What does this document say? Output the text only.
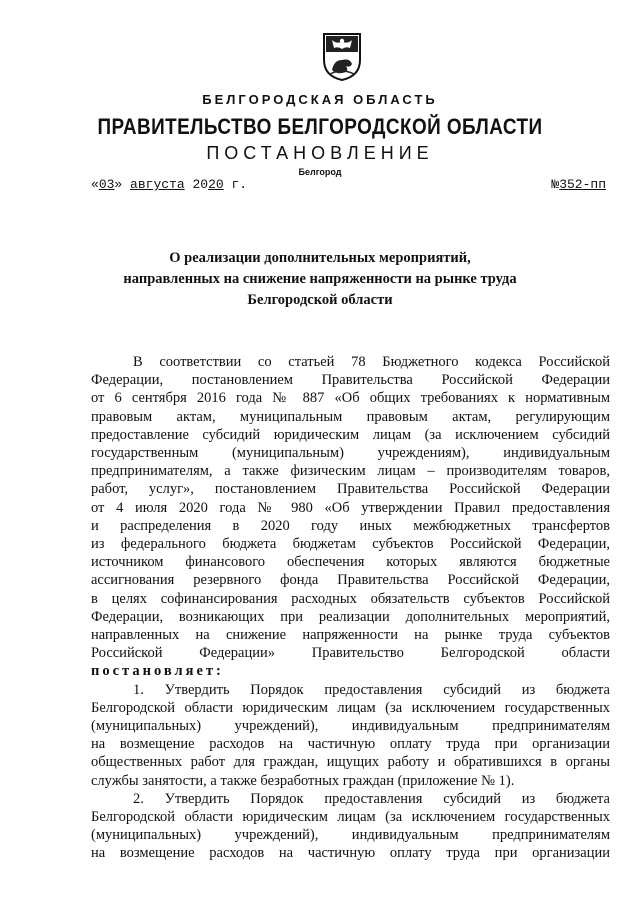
БЕЛГОРОДСКАЯ ОБЛАСТЬ
ПРАВИТЕЛЬСТВО БЕЛГОРОДСКОЙ ОБЛАСТИ
ПОСТАНОВЛЕНИЕ
Белгород
«03» августа 2020 г.	№352-пп
О реализации дополнительных мероприятий,
направленных на снижение напряженности на рынке труда
Белгородской области

В соответствии со статьей 78 Бюджетного кодекса Российской

Федерации, постановлением Правительства Российской Федерации

от 6 сентября 2016 года № 887 «Об общих требованиях к нормативным

правовым актам, муниципальным правовым актам, регулирующим

предоставление субсидий юридическим лицам (за исключением субсидий

государственным (муниципальным) учреждениям), индивидуальным

предпринимателям, а также физическим лицам – производителям товаров,

работ, услуг», постановлением Правительства Российской Федерации

от 4 июля 2020 года № 980 «Об утверждении Правил предоставления

и распределения в 2020 году иных межбюджетных трансфертов

из федерального бюджета бюджетам субъектов Российской Федерации,

источником финансового обеспечения которых являются бюджетные

ассигнования резервного фонда Правительства Российской Федерации,

в целях софинансирования расходных обязательств субъектов Российской

Федерации, возникающих при реализации дополнительных мероприятий,

направленных на снижение напряженности на рынке труда субъектов

Российской Федерации» Правительство Белгородской области

постановляет:

1. Утвердить Порядок предоставления субсидий из бюджета

Белгородской области юридическим лицам (за исключением государственных

(муниципальных) учреждений), индивидуальным предпринимателям

на возмещение расходов на частичную оплату труда при организации

общественных работ для граждан, ищущих работу и обратившихся в органы

службы занятости, а также безработных граждан (приложение № 1).

2. Утвердить Порядок предоставления субсидий из бюджета

Белгородской области юридическим лицам (за исключением государственных

(муниципальных) учреждений), индивидуальным предпринимателям

на возмещение расходов на частичную оплату труда при организации
